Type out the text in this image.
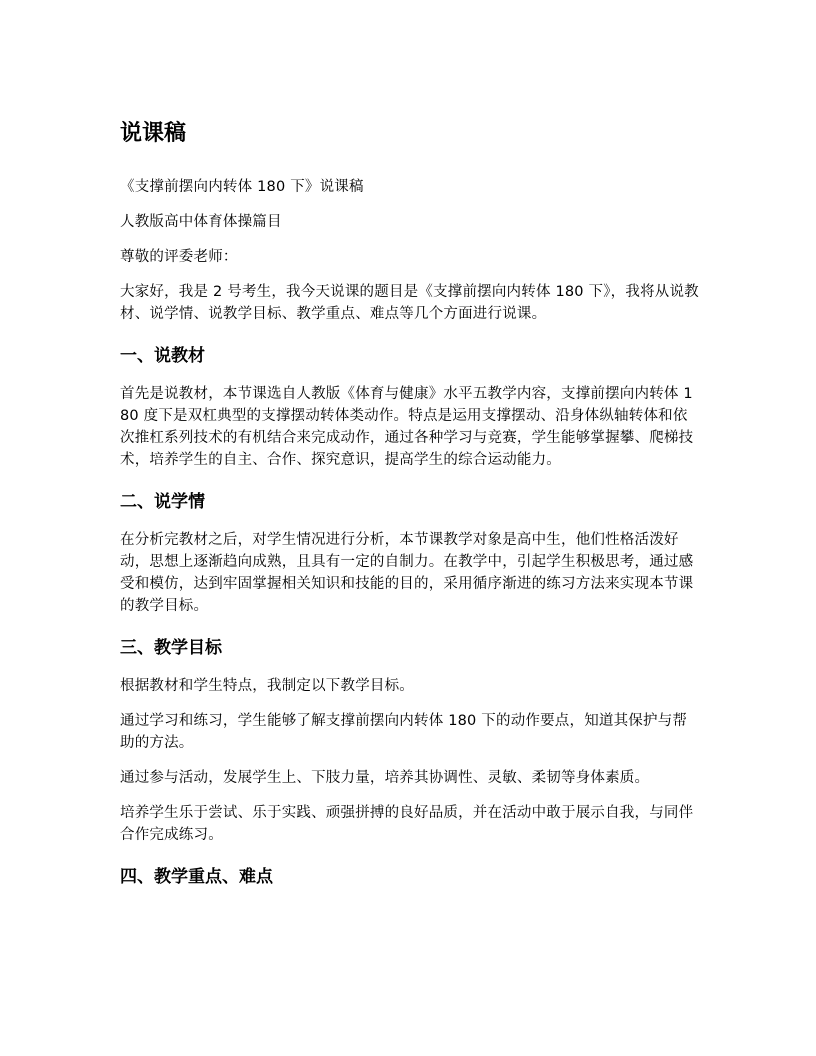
说课稿

《支撑前摆向内转体 180 下》说课稿

人教版高中体育体操篇目

尊敬的评委老师：

大家好，我是 2 号考生，我今天说课的题目是《支撑前摆向内转体 180 下》，我将从说教材、说学情、说教学目标、教学重点、难点等几个方面进行说课。

一、说教材

首先是说教材，本节课选自人教版《体育与健康》水平五教学内容，支撑前摆向内转体 180 度下是双杠典型的支撑摆动转体类动作。特点是运用支撑摆动、沿身体纵轴转体和依次推杠系列技术的有机结合来完成动作，通过各种学习与竞赛，学生能够掌握攀、爬梯技术，培养学生的自主、合作、探究意识，提高学生的综合运动能力。

二、说学情

在分析完教材之后，对学生情况进行分析，本节课教学对象是高中生，他们性格活泼好动，思想上逐渐趋向成熟，且具有一定的自制力。在教学中，引起学生积极思考，通过感受和模仿，达到牢固掌握相关知识和技能的目的，采用循序渐进的练习方法来实现本节课的教学目标。

三、教学目标

根据教材和学生特点，我制定以下教学目标。

通过学习和练习，学生能够了解支撑前摆向内转体 180 下的动作要点，知道其保护与帮助的方法。

通过参与活动，发展学生上、下肢力量，培养其协调性、灵敏、柔韧等身体素质。

培养学生乐于尝试、乐于实践、顽强拼搏的良好品质，并在活动中敢于展示自我，与同伴合作完成练习。

四、教学重点、难点
